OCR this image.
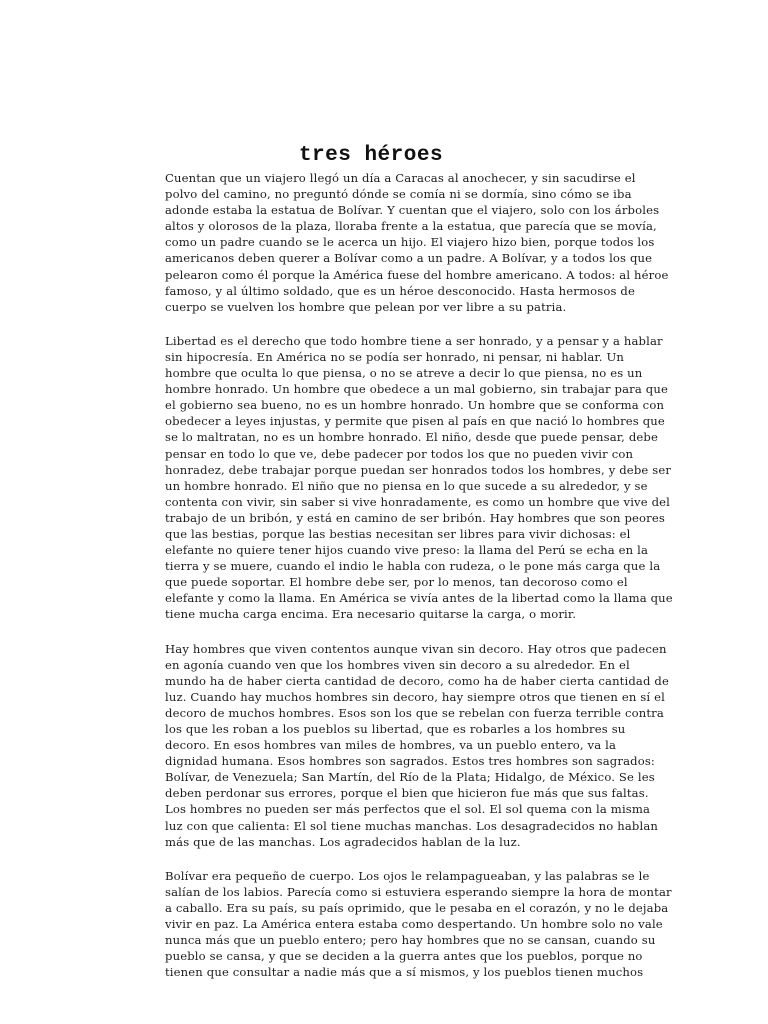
tres héroes
Cuentan que un viajero llegó un día a Caracas al anochecer, y sin sacudirse el
polvo del camino, no preguntó dónde se comía ni se dormía, sino cómo se iba
adonde estaba la estatua de Bolívar. Y cuentan que el viajero, solo con los árboles
altos y olorosos de la plaza, lloraba frente a la estatua, que parecía que se movía,
como un padre cuando se le acerca un hijo. El viajero hizo bien, porque todos los
americanos deben querer a Bolívar como a un padre. A Bolívar, y a todos los que
pelearon como él porque la América fuese del hombre americano. A todos: al héroe
famoso, y al último soldado, que es un héroe desconocido. Hasta hermosos de
cuerpo se vuelven los hombre que pelean por ver libre a su patria.
Libertad es el derecho que todo hombre tiene a ser honrado, y a pensar y a hablar
sin hipocresía. En América no se podía ser honrado, ni pensar, ni hablar. Un
hombre que oculta lo que piensa, o no se atreve a decir lo que piensa, no es un
hombre honrado. Un hombre que obedece a un mal gobierno, sin trabajar para que
el gobierno sea bueno, no es un hombre honrado. Un hombre que se conforma con
obedecer a leyes injustas, y permite que pisen al país en que nació lo hombres que
se lo maltratan, no es un hombre honrado. El niño, desde que puede pensar, debe
pensar en todo lo que ve, debe padecer por todos los que no pueden vivir con
honradez, debe trabajar porque puedan ser honrados todos los hombres, y debe ser
un hombre honrado. El niño que no piensa en lo que sucede a su alrededor, y se
contenta con vivir, sin saber si vive honradamente, es como un hombre que vive del
trabajo de un bribón, y está en camino de ser bribón. Hay hombres que son peores
que las bestias, porque las bestias necesitan ser libres para vivir dichosas: el
elefante no quiere tener hijos cuando vive preso: la llama del Perú se echa en la
tierra y se muere, cuando el indio le habla con rudeza, o le pone más carga que la
que puede soportar. El hombre debe ser, por lo menos, tan decoroso como el
elefante y como la llama. En América se vivía antes de la libertad como la llama que
tiene mucha carga encima. Era necesario quitarse la carga, o morir.
Hay hombres que viven contentos aunque vivan sin decoro. Hay otros que padecen
en agonía cuando ven que los hombres viven sin decoro a su alrededor. En el
mundo ha de haber cierta cantidad de decoro, como ha de haber cierta cantidad de
luz. Cuando hay muchos hombres sin decoro, hay siempre otros que tienen en sí el
decoro de muchos hombres. Esos son los que se rebelan con fuerza terrible contra
los que les roban a los pueblos su libertad, que es robarles a los hombres su
decoro. En esos hombres van miles de hombres, va un pueblo entero, va la
dignidad humana. Esos hombres son sagrados. Estos tres hombres son sagrados:
Bolívar, de Venezuela; San Martín, del Río de la Plata; Hidalgo, de México. Se les
deben perdonar sus errores, porque el bien que hicieron fue más que sus faltas.
Los hombres no pueden ser más perfectos que el sol. El sol quema con la misma
luz con que calienta: El sol tiene muchas manchas. Los desagradecidos no hablan
más que de las manchas. Los agradecidos hablan de la luz.
Bolívar era pequeño de cuerpo. Los ojos le relampagueaban, y las palabras se le
salían de los labios. Parecía como si estuviera esperando siempre la hora de montar
a caballo. Era su país, su país oprimido, que le pesaba en el corazón, y no le dejaba
vivir en paz. La América entera estaba como despertando. Un hombre solo no vale
nunca más que un pueblo entero; pero hay hombres que no se cansan, cuando su
pueblo se cansa, y que se deciden a la guerra antes que los pueblos, porque no
tienen que consultar a nadie más que a sí mismos, y los pueblos tienen muchos
